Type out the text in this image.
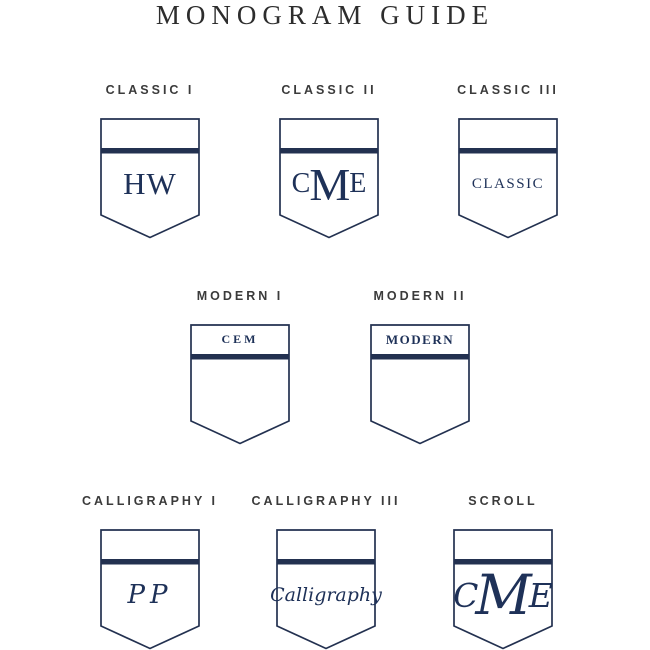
MONOGRAM GUIDE
CLASSIC I
HW
CLASSIC II
C M E
CLASSIC III
CLASSIC
MODERN I
CEM
MODERN II
MODERN
CALLIGRAPHY I
PP
CALLIGRAPHY III
Calligraphy
SCROLL
C
M
E
